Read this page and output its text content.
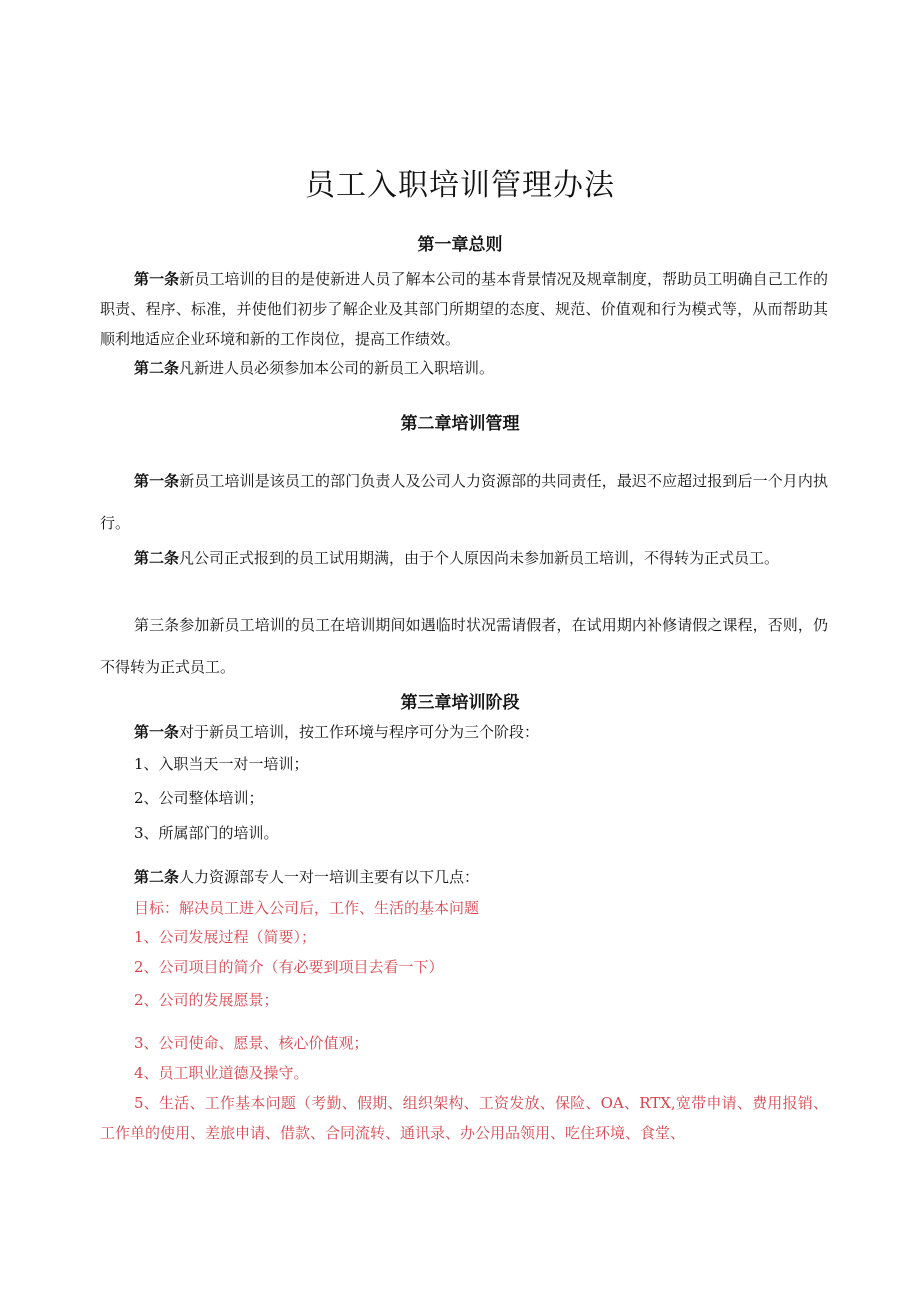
员工入职培训管理办法
第一章总则
第一条新员工培训的目的是使新进人员了解本公司的基本背景情况及规章制度，帮助员工明确自己工作的职责、程序、标准，并使他们初步了解企业及其部门所期望的态度、规范、价值观和行为模式等，从而帮助其顺利地适应企业环境和新的工作岗位，提高工作绩效。
第二条凡新进人员必须参加本公司的新员工入职培训。
第二章培训管理
第一条新员工培训是该员工的部门负责人及公司人力资源部的共同责任，最迟不应超过报到后一个月内执行。
第二条凡公司正式报到的员工试用期满，由于个人原因尚未参加新员工培训，不得转为正式员工。
第三条参加新员工培训的员工在培训期间如遇临时状况需请假者，在试用期内补修请假之课程，否则，仍不得转为正式员工。
第三章培训阶段
第一条对于新员工培训，按工作环境与程序可分为三个阶段：
1、入职当天一对一培训；
2、公司整体培训；
3、所属部门的培训。
第二条人力资源部专人一对一培训主要有以下几点：
目标：解决员工进入公司后，工作、生活的基本问题
1、公司发展过程（简要）；
2、公司项目的简介（有必要到项目去看一下）
2、公司的发展愿景；
3、公司使命、愿景、核心价值观；
4、员工职业道德及操守。
5、生活、工作基本问题（考勤、假期、组织架构、工资发放、保险、OA、RTX,宽带申请、费用报销、工作单的使用、差旅申请、借款、合同流转、通讯录、办公用品领用、吃住环境、食堂、
